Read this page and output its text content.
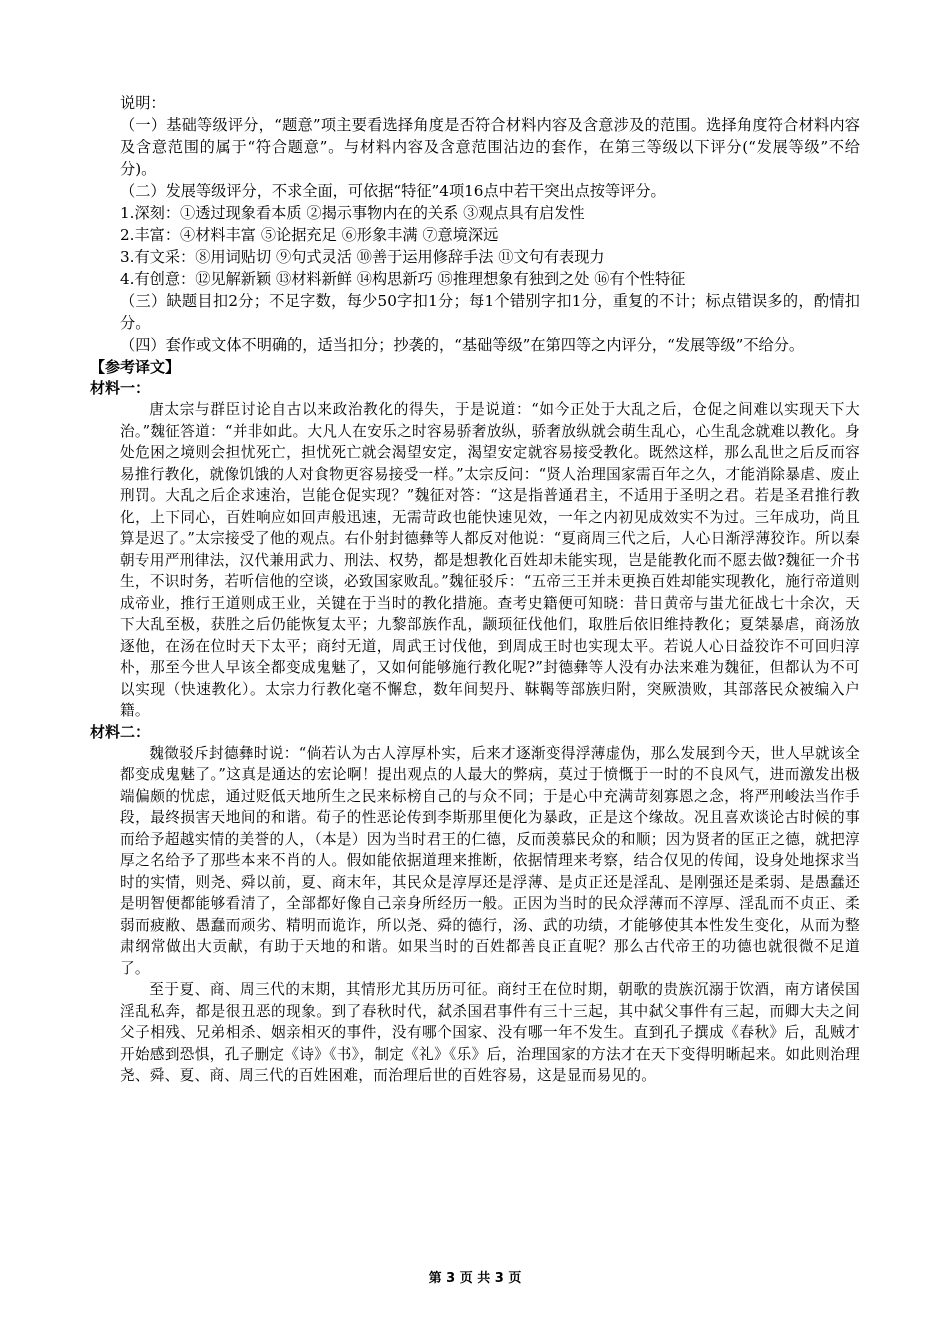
说明：

（一）基础等级评分，“题意”项主要看选择角度是否符合材料内容及含意涉及的范围。选择角度符合材料内容及含意范围的属于“符合题意”。与材料内容及含意范围沾边的套作，在第三等级以下评分(“发展等级”不给分)。

（二）发展等级评分，不求全面，可依据“特征”4项16点中若干突出点按等评分。

1.深刻：①透过现象看本质 ②揭示事物内在的关系 ③观点具有启发性

2.丰富：④材料丰富 ⑤论据充足 ⑥形象丰满 ⑦意境深远

3.有文采：⑧用词贴切 ⑨句式灵活 ⑩善于运用修辞手法 ⑪文句有表现力

4.有创意：⑫见解新颖 ⑬材料新鲜 ⑭构思新巧 ⑮推理想象有独到之处 ⑯有个性特征

（三）缺题目扣2分；不足字数，每少50字扣1分；每1个错别字扣1分，重复的不计；标点错误多的，酌情扣分。

（四）套作或文体不明确的，适当扣分；抄袭的，“基础等级”在第四等之内评分，“发展等级”不给分。

【参考译文】

材料一：

唐太宗与群臣讨论自古以来政治教化的得失，于是说道：“如今正处于大乱之后，仓促之间难以实现天下大治。”魏征答道：“并非如此。大凡人在安乐之时容易骄奢放纵，骄奢放纵就会萌生乱心，心生乱念就难以教化。身处危困之境则会担忧死亡，担忧死亡就会渴望安定，渴望安定就容易接受教化。既然这样，那么乱世之后反而容易推行教化，就像饥饿的人对食物更容易接受一样。”太宗反问：“贤人治理国家需百年之久，才能消除暴虐、废止刑罚。大乱之后企求速治，岂能仓促实现？”魏征对答：“这是指普通君主，不适用于圣明之君。若是圣君推行教化，上下同心，百姓响应如回声般迅速，无需苛政也能快速见效，一年之内初见成效实不为过。三年成功，尚且算是迟了。”太宗接受了他的观点。右仆射封德彝等人都反对他说：“夏商周三代之后，人心日渐浮薄狡诈。所以秦朝专用严刑律法，汉代兼用武力、刑法、权势，都是想教化百姓却未能实现，岂是能教化而不愿去做?魏征一介书生，不识时务，若听信他的空谈，必致国家败乱。”魏征驳斥：“五帝三王并未更换百姓却能实现教化，施行帝道则成帝业，推行王道则成王业，关键在于当时的教化措施。查考史籍便可知晓：昔日黄帝与蚩尤征战七十余次，天下大乱至极，获胜之后仍能恢复太平；九黎部族作乱，颛顼征伐他们，取胜后依旧维持教化；夏桀暴虐，商汤放逐他，在汤在位时天下太平；商纣无道，周武王讨伐他，到周成王时也实现太平。若说人心日益狡诈不可回归淳朴，那至今世人早该全都变成鬼魅了，又如何能够施行教化呢?”封德彝等人没有办法来难为魏征，但都认为不可以实现（快速教化）。太宗力行教化毫不懈怠，数年间契丹、靺鞨等部族归附，突厥溃败，其部落民众被编入户籍。

材料二：

魏徵驳斥封德彝时说：“倘若认为古人淳厚朴实，后来才逐渐变得浮薄虚伪，那么发展到今天，世人早就该全都变成鬼魅了。”这真是通达的宏论啊！提出观点的人最大的弊病，莫过于愤慨于一时的不良风气，进而激发出极端偏颇的忧虑，通过贬低天地所生之民来标榜自己的与众不同；于是心中充满苛刻寡恩之念，将严刑峻法当作手段，最终损害天地间的和谐。荀子的性恶论传到李斯那里便化为暴政，正是这个缘故。况且喜欢谈论古时候的事而给予超越实情的美誉的人，（本是）因为当时君王的仁德，反而羡慕民众的和顺；因为贤者的匡正之德，就把淳厚之名给予了那些本来不肖的人。假如能依据道理来推断，依据情理来考察，结合仅见的传闻，设身处地探求当时的实情，则尧、舜以前，夏、商末年，其民众是淳厚还是浮薄、是贞正还是淫乱、是刚强还是柔弱、是愚蠢还是明智便都能够看清了，全部都好像自己亲身所经历一般。正因为当时的民众浮薄而不淳厚、淫乱而不贞正、柔弱而疲敝、愚蠢而顽劣、精明而诡诈，所以尧、舜的德行，汤、武的功绩，才能够使其本性发生变化，从而为整肃纲常做出大贡献，有助于天地的和谐。如果当时的百姓都善良正直呢？那么古代帝王的功德也就很微不足道了。

至于夏、商、周三代的末期，其情形尤其历历可征。商纣王在位时期，朝歌的贵族沉溺于饮酒，南方诸侯国淫乱私奔，都是很丑恶的现象。到了春秋时代，弑杀国君事件有三十三起，其中弑父事件有三起，而卿大夫之间父子相残、兄弟相杀、姻亲相灭的事件，没有哪个国家、没有哪一年不发生。直到孔子撰成《春秋》后，乱贼才开始感到恐惧，孔子删定《诗》《书》，制定《礼》《乐》后，治理国家的方法才在天下变得明晰起来。如此则治理尧、舜、夏、商、周三代的百姓困难，而治理后世的百姓容易，这是显而易见的。

第 3 页 共 3 页
